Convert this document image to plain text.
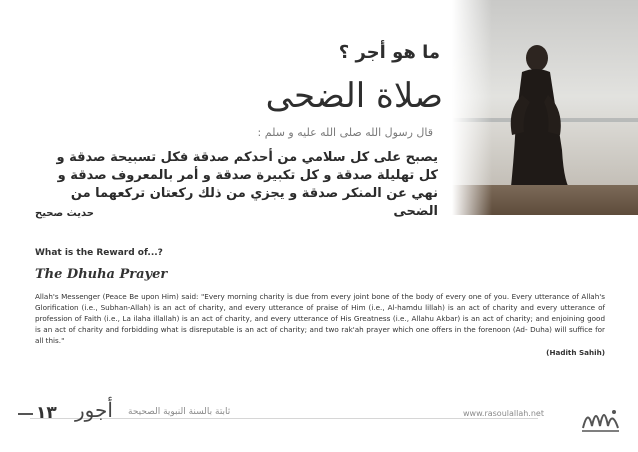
ما هو أجر ؟
صلاة الضحى
قال رسول الله صلى الله عليه و سلم :
يصبح على كل سلامي من أحدكم صدقة فكل تسبيحة صدقة و كل تهليلة صدقة و كل تكبيرة صدقة و أمر بالمعروف صدقة و نهي عن المنكر صدقة و يجزي من ذلك ركعتان تركعهما من الضحى
حديث صحيح
What is the Reward of...?
The Dhuha Prayer
Allah's Messenger (Peace Be upon Him) said: "Every morning charity is due from every joint bone of the body of every one of you. Every utterance of Allah's Glorification (i.e., Subhan-Allah) is an act of charity, and every utterance of praise of Him (i.e., Al-hamdu lillah) is an act of charity and every utterance of profession of Faith (i.e., La ilaha illallah) is an act of charity, and every utterance of His Greatness (i.e., Allahu Akbar) is an act of charity; and enjoining good is an act of charity and forbidding what is disreputable is an act of charity; and two rak'ah prayer which one offers in the forenoon (Ad- Duha) will suffice for all this."
(Hadith Sahih)
١٣ أجور ثابتة بالسنة النبوية الصحيحة	www.rasoulallah.net
